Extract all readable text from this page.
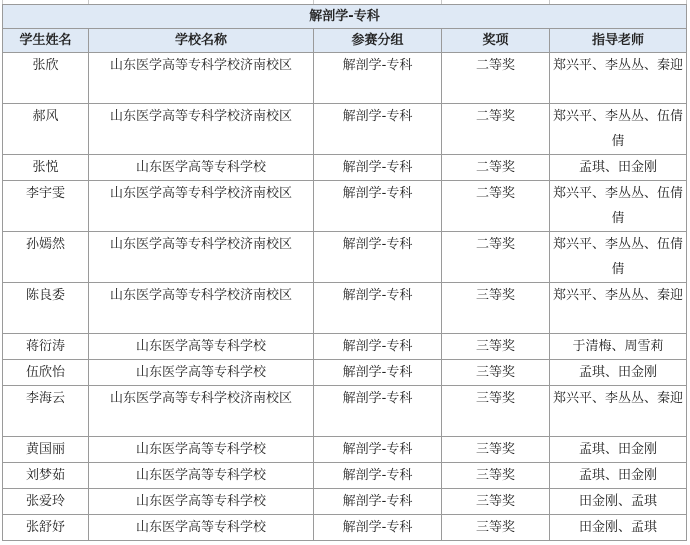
解剖学-专科				
学生姓名	学校名称	参赛分组	奖项	指导老师
张欣	山东医学高等专科学校济南校区	解剖学-专科	二等奖	郑兴平、李丛丛、秦迎
郝风	山东医学高等专科学校济南校区	解剖学-专科	二等奖	郑兴平、李丛丛、伍倩倩
张悦	山东医学高等专科学校	解剖学-专科	二等奖	孟琪、田金刚
李宇雯	山东医学高等专科学校济南校区	解剖学-专科	二等奖	郑兴平、李丛丛、伍倩倩
孙嫣然	山东医学高等专科学校济南校区	解剖学-专科	二等奖	郑兴平、李丛丛、伍倩倩
陈良委	山东医学高等专科学校济南校区	解剖学-专科	三等奖	郑兴平、李丛丛、秦迎
蒋衍涛	山东医学高等专科学校	解剖学-专科	三等奖	于清梅、周雪莉
伍欣怡	山东医学高等专科学校	解剖学-专科	三等奖	孟琪、田金刚
李海云	山东医学高等专科学校济南校区	解剖学-专科	三等奖	郑兴平、李丛丛、秦迎
黄国丽	山东医学高等专科学校	解剖学-专科	三等奖	孟琪、田金刚
刘梦茹	山东医学高等专科学校	解剖学-专科	三等奖	孟琪、田金刚
张爱玲	山东医学高等专科学校	解剖学-专科	三等奖	田金刚、孟琪
张舒妤	山东医学高等专科学校	解剖学-专科	三等奖	田金刚、孟琪
